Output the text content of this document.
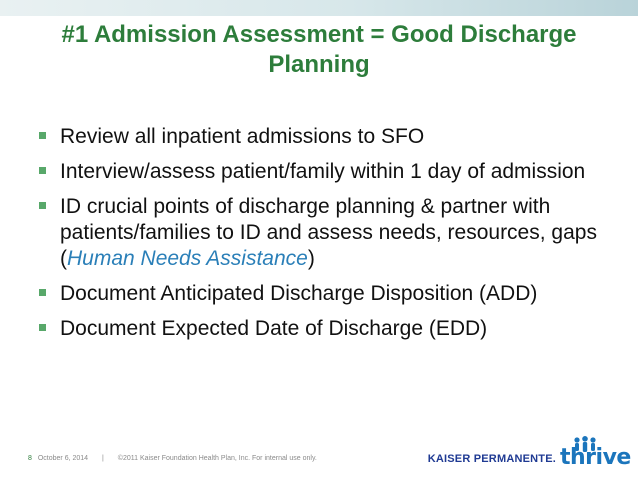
#1 Admission Assessment = Good Discharge
Planning
Review all inpatient admissions to SFO
Interview/assess patient/family within 1 day of admission
ID crucial points of discharge planning & partner with patients/families to ID and assess needs, resources, gaps (Human Needs Assistance)
Document Anticipated Discharge Disposition (ADD)
Document Expected Date of Discharge (EDD)
8 October 6, 2014 | ©2011 Kaiser Foundation Health Plan, Inc. For internal use only.	KAISER PERMANENTE. thrive
